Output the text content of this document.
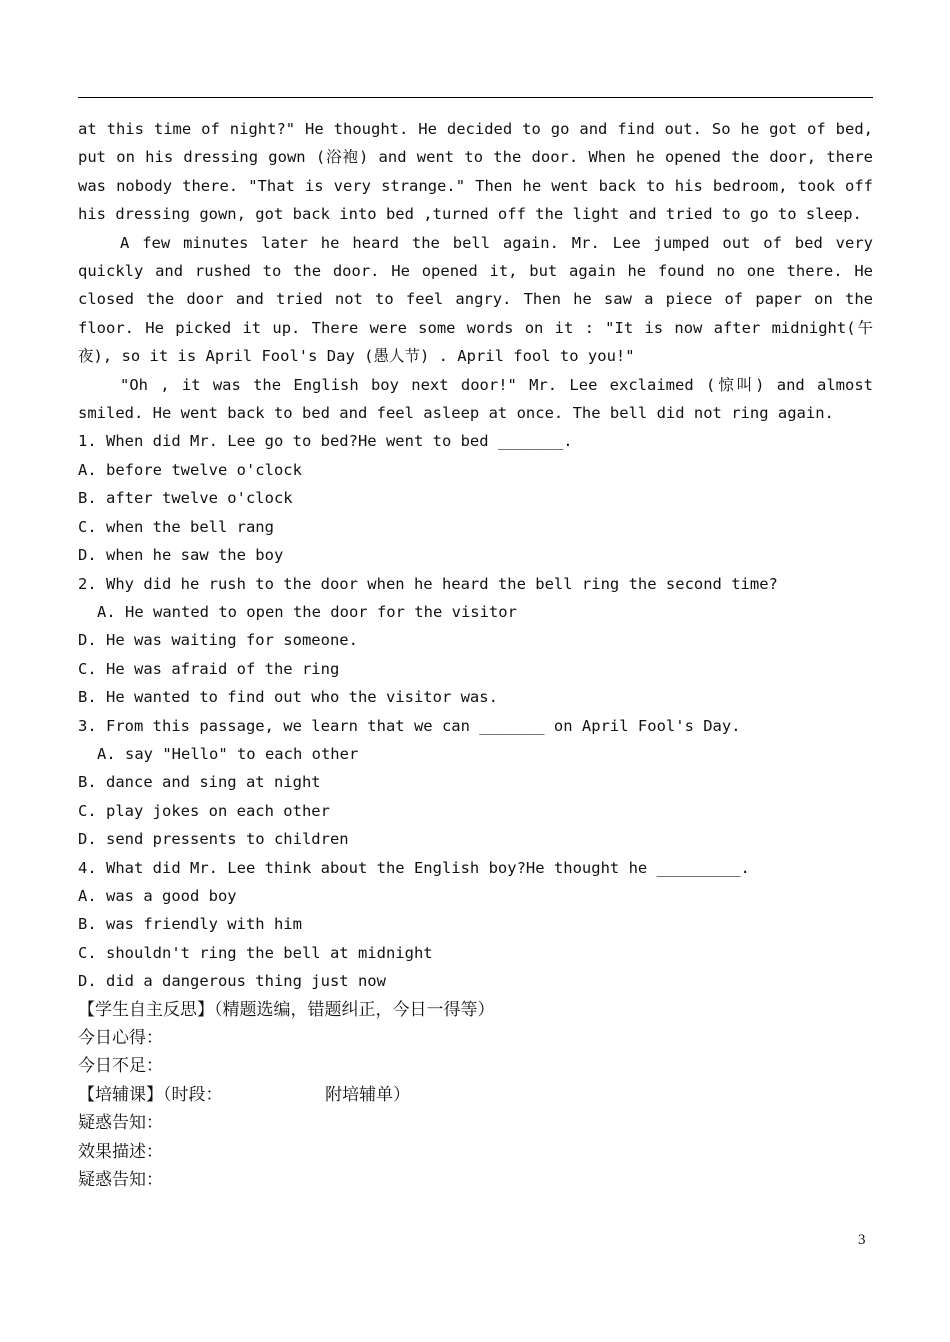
at this time of night?" He thought. He decided to go and find out. So he got of bed, put on his dressing gown (浴袍) and went to the door. When he opened the door, there was nobody there. "That is very strange." Then he went back to his bedroom, took off his dressing gown, got back into bed ,turned off the light and tried to go to sleep.

A few minutes later he heard the bell again. Mr. Lee jumped out of bed very quickly and rushed to the door. He opened it, but again he found no one there. He closed the door and tried not to feel angry. Then he saw a piece of paper on the floor. He picked it up. There were some words on it : "It is now after midnight(午夜), so it is April Fool's Day (愚人节) . April fool to you!"

"Oh , it was the English boy next door!" Mr. Lee exclaimed (惊叫) and almost smiled. He went back to bed and feel asleep at once. The bell did not ring again.

1. When did Mr. Lee go to bed?He went to bed _______.

A. before twelve o'clock

B. after twelve o'clock

C. when the bell rang

D. when he saw the boy

2. Why did he rush to the door when he heard the bell ring the second time?

A. He wanted to open the door for the visitor

D. He was waiting for someone.

C. He was afraid of the ring

B. He wanted to find out who the visitor was.

3. From this passage, we learn that we can _______ on April Fool's Day.

A. say "Hello" to each other

B. dance and sing at night

C. play jokes on each other

D. send pressents to children

4. What did Mr. Lee think about the English boy?He thought he _________.

A. was a good boy

B. was friendly with him

C. shouldn't ring the bell at midnight

D. did a dangerous thing just now

【学生自主反思】（精题选编，错题纠正，今日一得等）

今日心得：

今日不足：

【培辅课】（时段：                   附培辅单）

疑惑告知：

效果描述：

疑惑告知：

3
